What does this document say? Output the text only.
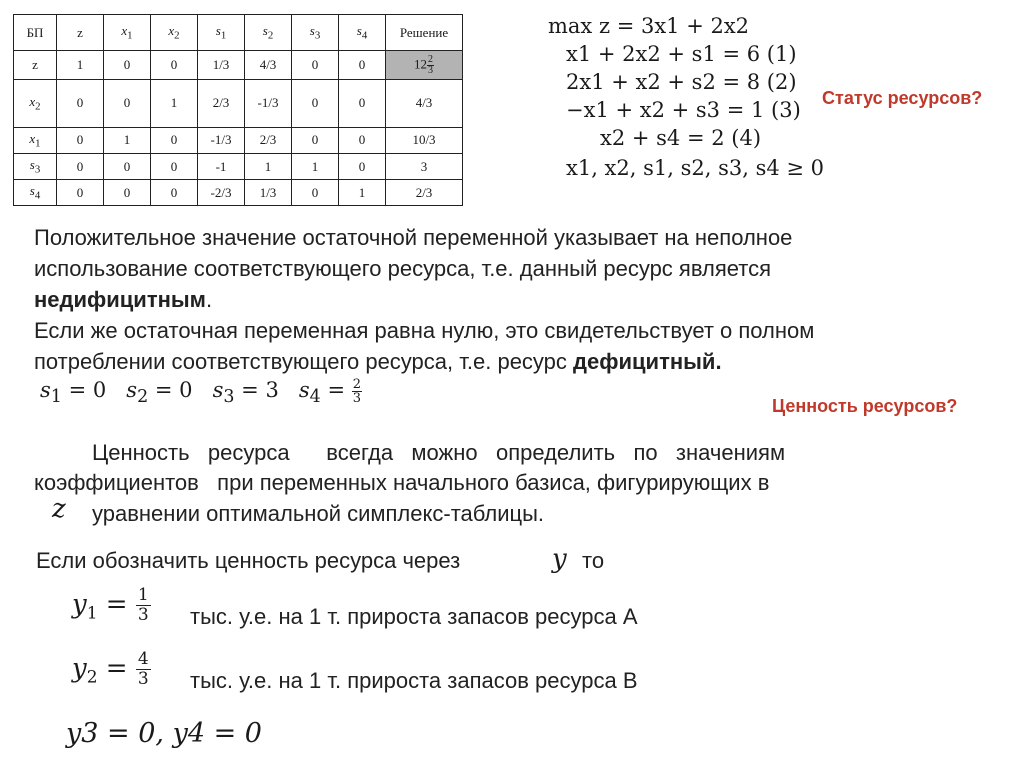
БП	z	$x_1$	$x_2$	$s_1$	$s_2$	$s_3$	$s_4$	Решение
z	1	0	0	1/3	4/3	0	0	$12 \frac{2}{3}$

$x_2$	0	0	1	2/3	-1/3	0	0	4/3
$x_1$	0	1	0	-1/3	2/3	0	0	10/3
$s_3$	0	0	0	-1	1	1	0	3
$s_4$	0	0	0	-2/3	1/3	0	1	2/3
max z = 3x1 + 2x2
x1 + 2x2 + s1 = 6 (1)
2x1 + x2 + s2 = 8 (2)
−x1 + x2 + s3 = 1 (3)
x2 + s4 = 2 (4)
x1, x2, s1, s2, s3, s4 ≥ 0
Статус ресурсов?
Положительное значение остаточной переменной указывает на неполное
использование соответствующего ресурса, т.е. данный ресурс является
недифицитным.
Если же остаточная переменная равна нулю, это свидетельствует о полном
потреблении соответствующего ресурса, т.е. ресурс дефицитный.
$s_1 = 0$ $s_2 = 0$ $s_3 = 3$ $s_4 = \frac{2}{3}$
Ценность ресурсов?
Ценность   ресурса      всегда   можно   определить   по   значениям
коэффициентов   при переменных начального базиса, фигурирующих в
z уравнении оптимальной симплекс-таблицы.
Если обозначить ценность ресурса через	y то
$y_1 = \frac{1}{3}$ тыс. у.е. на 1 т. прироста запасов ресурса А
$y_2 = \frac{4}{3}$ тыс. у.е. на 1 т. прироста запасов ресурса В
y3 = 0, y4 = 0
